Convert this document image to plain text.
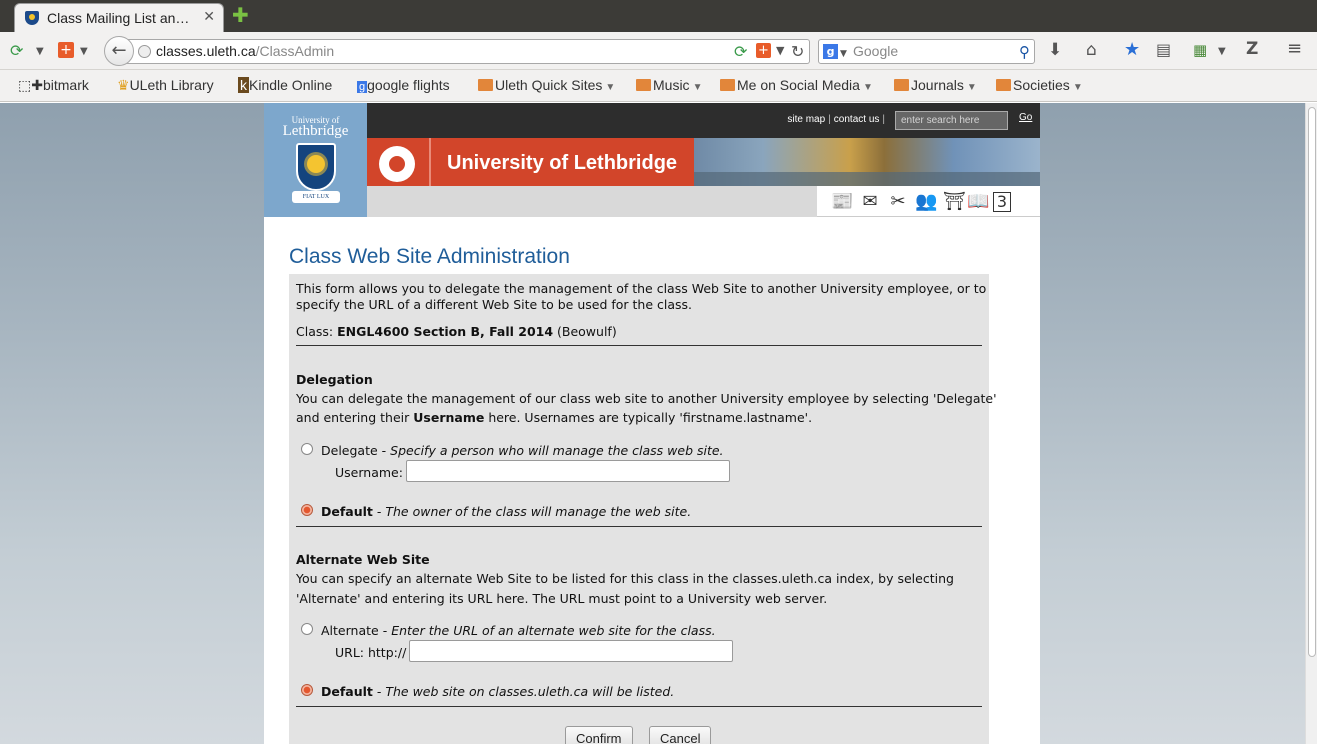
Class Mailing List an… ✕ ✚
⟳ ▼ + ▼	classes.uleth.ca/ClassAdmin	⟳ + ▼ ↻
←	g ▼ Google	⚲ ⬇ ⌂ ★ ▤ ▦ ▼ Z ≡
⬚✚bitmark ♛ULeth Library k Kindle Online g google flights	Uleth Quick Sites ▼	Music ▼	Me on Social Media ▼	Journals ▼	Societies ▼
University of
Lethbridge
FIAT LUX
site map | contact us |	enter search here	Go
University of Lethbridge
📰 ✉ ✂ 👥 ⛩ 📖 3
Class Web Site Administration
This form allows you to delegate the management of the class Web Site to another University employee, or to
specify the URL of a different Web Site to be used for the class.
Class: ENGL4600 Section B, Fall 2014 (Beowulf)
Delegation
You can delegate the management of our class web site to another University employee by selecting 'Delegate'
and entering their Username here. Usernames are typically 'firstname.lastname'.
Delegate - Specify a person who will manage the class web site.
Username:
Default - The owner of the class will manage the web site.
Alternate Web Site
You can specify an alternate Web Site to be listed for this class in the classes.uleth.ca index, by selecting
'Alternate' and entering its URL here. The URL must point to a University web server.
Alternate - Enter the URL of an alternate web site for the class.
URL: http://
Default - The web site on classes.uleth.ca will be listed.
Confirm	Cancel
